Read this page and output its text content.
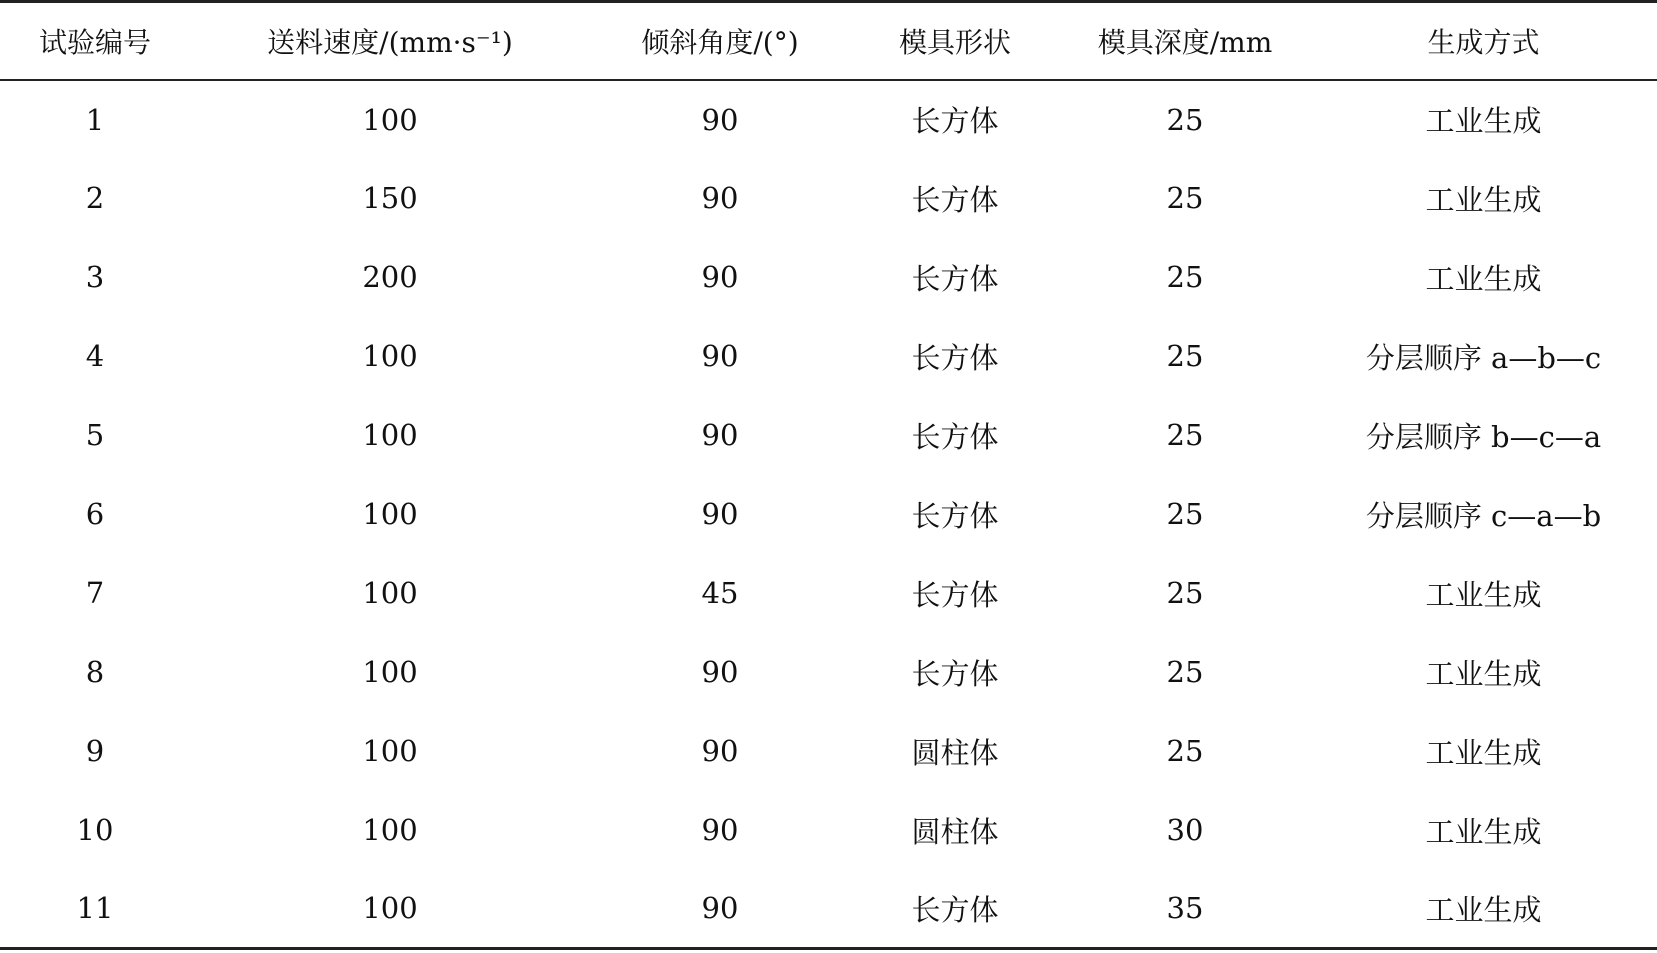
试验编号	送料速度/(mm·s⁻¹)	倾斜角度/(°)	模具形状	模具深度/mm	生成方式
1	100	90	长方体	25	工业生成
2	150	90	长方体	25	工业生成
3	200	90	长方体	25	工业生成
4	100	90	长方体	25	分层顺序 a—b—c
5	100	90	长方体	25	分层顺序 b—c—a
6	100	90	长方体	25	分层顺序 c—a—b
7	100	45	长方体	25	工业生成
8	100	90	长方体	25	工业生成
9	100	90	圆柱体	25	工业生成
10	100	90	圆柱体	30	工业生成
11	100	90	长方体	35	工业生成
